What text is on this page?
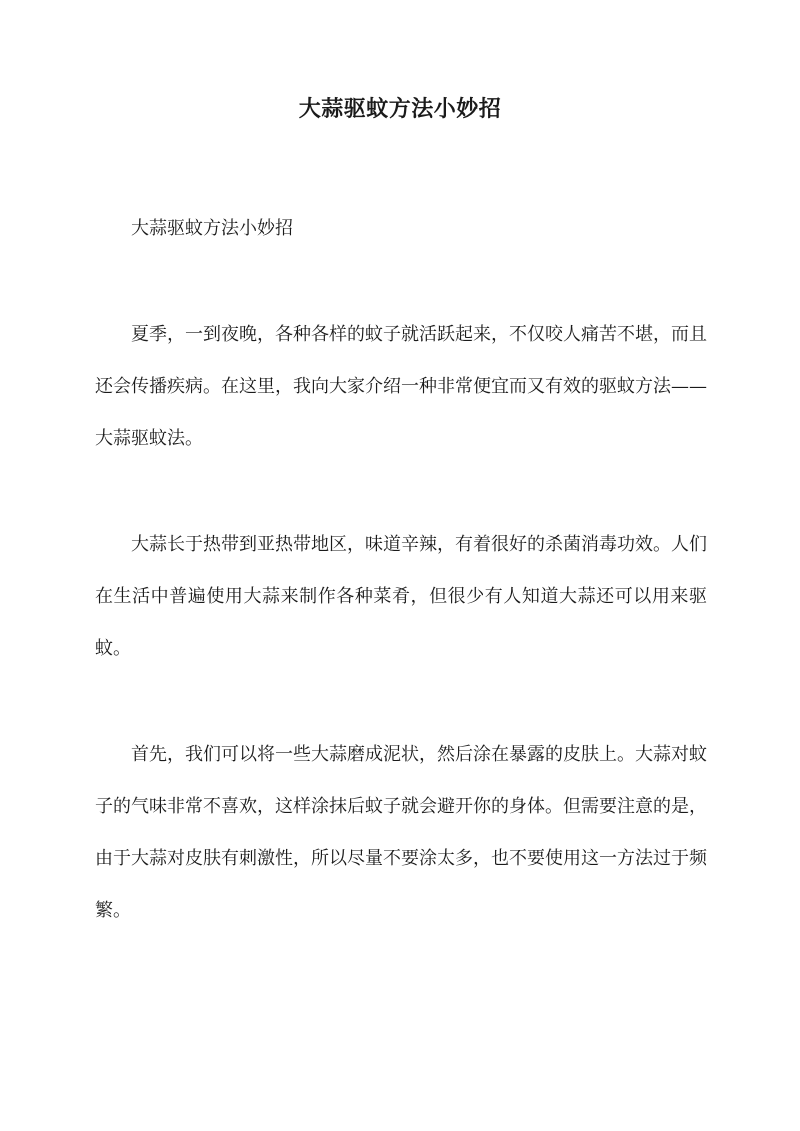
大蒜驱蚊方法小妙招

大蒜驱蚊方法小妙招

夏季，一到夜晚，各种各样的蚊子就活跃起来，不仅咬人痛苦不堪，而且还会传播疾病。在这里，我向大家介绍一种非常便宜而又有效的驱蚊方法——大蒜驱蚊法。

大蒜长于热带到亚热带地区，味道辛辣，有着很好的杀菌消毒功效。人们在生活中普遍使用大蒜来制作各种菜肴，但很少有人知道大蒜还可以用来驱蚊。

首先，我们可以将一些大蒜磨成泥状，然后涂在暴露的皮肤上。大蒜对蚊子的气味非常不喜欢，这样涂抹后蚊子就会避开你的身体。但需要注意的是，由于大蒜对皮肤有刺激性，所以尽量不要涂太多，也不要使用这一方法过于频繁。
